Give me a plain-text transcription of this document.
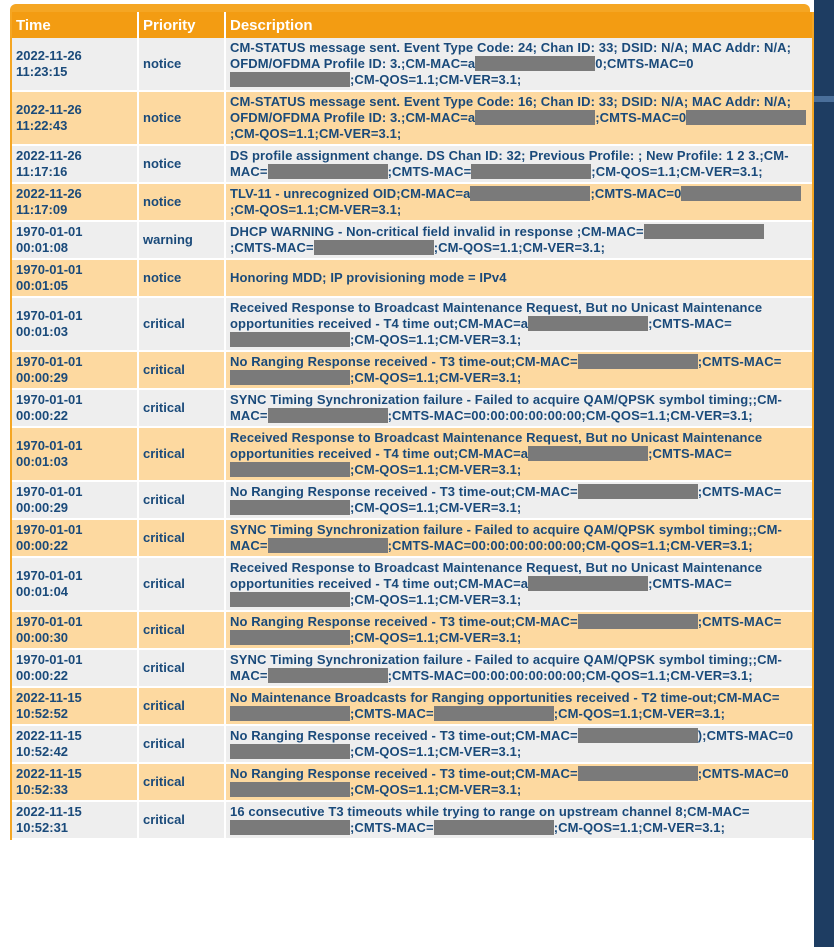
Time	Priority	Description
2022-11-26 11:23:15	notice	CM-STATUS message sent. Event Type Code: 24; Chan ID: 33; DSID: N/A; MAC Addr: N/A; OFDM/OFDMA Profile ID: 3.;CM-MAC=a 0;CMTS-MAC=0;CM-QOS=1.1;CM-VER=3.1;
2022-11-26 11:22:43	notice	CM-STATUS message sent. Event Type Code: 16; Chan ID: 33; DSID: N/A; MAC Addr: N/A; OFDM/OFDMA Profile ID: 3.;CM-MAC=a ;CMTS-MAC=0;CM-QOS=1.1;CM-VER=3.1;
2022-11-26 11:17:16	notice	DS profile assignment change. DS Chan ID: 32; Previous Profile: ; New Profile: 1 2 3.;CM-MAC= ;CMTS-MAC= ;CM-QOS=1.1;CM-VER=3.1;
2022-11-26 11:17:09	notice	TLV-11 - unrecognized OID;CM-MAC=a ;CMTS-MAC=0;CM-QOS=1.1;CM-VER=3.1;
1970-01-01 00:01:08	warning	DHCP WARNING - Non-critical field invalid in response ;CM-MAC=;CMTS-MAC= ;CM-QOS=1.1;CM-VER=3.1;
1970-01-01 00:01:05	notice	Honoring MDD; IP provisioning mode = IPv4
1970-01-01 00:01:03	critical	Received Response to Broadcast Maintenance Request, But no Unicast Maintenance opportunities received - T4 time out;CM-MAC=a ;CMTS-MAC=;CM-QOS=1.1;CM-VER=3.1;
1970-01-01 00:00:29	critical	No Ranging Response received - T3 time-out;CM-MAC= ;CMTS-MAC=;CM-QOS=1.1;CM-VER=3.1;
1970-01-01 00:00:22	critical	SYNC Timing Synchronization failure - Failed to acquire QAM/QPSK symbol timing;;CM-MAC= ;CMTS-MAC=00:00:00:00:00:00;CM-QOS=1.1;CM-VER=3.1;
1970-01-01 00:01:03	critical	Received Response to Broadcast Maintenance Request, But no Unicast Maintenance opportunities received - T4 time out;CM-MAC=a ;CMTS-MAC=;CM-QOS=1.1;CM-VER=3.1;
1970-01-01 00:00:29	critical	No Ranging Response received - T3 time-out;CM-MAC= ;CMTS-MAC=;CM-QOS=1.1;CM-VER=3.1;
1970-01-01 00:00:22	critical	SYNC Timing Synchronization failure - Failed to acquire QAM/QPSK symbol timing;;CM-MAC= ;CMTS-MAC=00:00:00:00:00:00;CM-QOS=1.1;CM-VER=3.1;
1970-01-01 00:01:04	critical	Received Response to Broadcast Maintenance Request, But no Unicast Maintenance opportunities received - T4 time out;CM-MAC=a ;CMTS-MAC=;CM-QOS=1.1;CM-VER=3.1;
1970-01-01 00:00:30	critical	No Ranging Response received - T3 time-out;CM-MAC= ;CMTS-MAC=;CM-QOS=1.1;CM-VER=3.1;
1970-01-01 00:00:22	critical	SYNC Timing Synchronization failure - Failed to acquire QAM/QPSK symbol timing;;CM-MAC= ;CMTS-MAC=00:00:00:00:00:00;CM-QOS=1.1;CM-VER=3.1;
2022-11-15 10:52:52	critical	No Maintenance Broadcasts for Ranging opportunities received - T2 time-out;CM-MAC=;CMTS-MAC= ;CM-QOS=1.1;CM-VER=3.1;
2022-11-15 10:52:42	critical	No Ranging Response received - T3 time-out;CM-MAC= );CMTS-MAC=0;CM-QOS=1.1;CM-VER=3.1;
2022-11-15 10:52:33	critical	No Ranging Response received - T3 time-out;CM-MAC= ;CMTS-MAC=0;CM-QOS=1.1;CM-VER=3.1;
2022-11-15 10:52:31	critical	16 consecutive T3 timeouts while trying to range on upstream channel 8;CM-MAC=;CMTS-MAC= ;CM-QOS=1.1;CM-VER=3.1;
